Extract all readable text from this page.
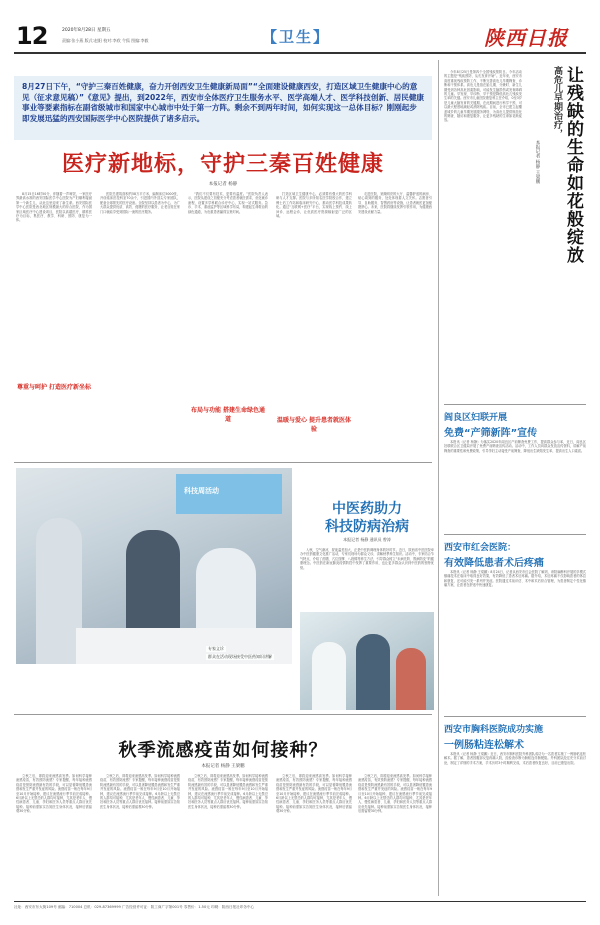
12	2020年8月28日 星期五
责编:张小燕 版式:赵阳 校对:李欣 令狐 图编:李毅	【卫生】	陕西日报
8月27日下午，“守护三秦百姓健康，奋力开创西安卫生健康新局面”“全面建设健康西安，打造区域卫生健康中心的意见（征求意见稿）”《意见》提出，到2022年，西安市全体医疗卫生服务水平、医学高端人才、医学科技创新、居民健康事业等要素指标在副省级城市和国家中心城市中处于第一方阵。剩余不到两年时间，如何实现这一总体目标？刚刚起步即发展迅猛的西安国际医学中心医院提供了诸多启示。
医疗新地标，守护三秦百姓健康
本报记者 杨静

8月15日16时50分，伴随着一声啼哭，一家医疗界最高水准的西安国际医学中心医院为产妇顺利接诞第一个新生儿，从此这里迎来了新生命。西安国际医学中心医院是西北地区规模最大的综合医院，作为国家区域医疗中心建设项目，医院以高端医疗、精准医疗为目标，集医疗、教学、科研、预防、康复为一体。

尊重与呵护 打造医疗新坐标

医院总建筑面积约58万平方米，编制床位5000张，开设临床医技科室70余个，引进国内外顶尖专家团队，配备全球领先的医疗设备。全院坚持以患者为中心，为广大群众提供优质、高效、便捷的医疗服务，让老百姓在家门口就能享受到国际一流的医疗服务。

“我们不仅要有技术，更要有温度。”医院负责人表示，医院从建设之初便充分考虑患者就医需求，优化就诊流程，设置多学科联合诊疗中心，实现一站式服务。急诊、手术、重症监护等区域科学布局，构建起生命救治的绿色通道，为危重患者赢得宝贵时间。

布局与功能 搭建生命绿色通道

打造区域卫生健康中心，必须要有强大的医学科研与人才支撑。医院与多所知名医学院校合作，建立博士后工作站和临床研究中心，推动医学科技成果转化。通过“互联网+医疗”平台，实现线上预约、线上问诊、远程会诊，让优质医疗资源辐射更广泛的区域。

温暖与爱心 提升患者就医体验

走进医院，宽敞明亮的大厅、温馨舒适的病房、贴心周到的服务，处处体现着人文关怀。志愿者引导、自助服务、智慧药房等设施，让患者就医更加便捷舒心。未来，医院将继续发挥引领作用，为健康西安建设贡献力量。

科技周活动
专家义诊
群众在活动现场接受中医药知识讲解
中医药助力
科技防病治病
本报记者 杨静 通讯员 曾涛

入秋，空气渐凉，昼夜温差加大，正是中医药调理身体的好时节。近日，陕西省中医医院举办中医药健康文化推广活动，专家们现场为群众义诊，讲解秋季养生知识。活动中，专家结合节气特点，介绍了药膳、穴位按摩、八段锦等养生方法，引导群众树立“未病先防、既病防变”的健康理念。中医药在新冠肺炎疫情防控中发挥了重要作用，也让更多群众认识到中医药的独特优势。

秋季流感疫苗如何接种？
本报记者 杨静 王梁鹏

立秋之后，即将迎来流感高发季。如何科学接种流感疫苗，有效预防流感？专家提醒，每年接种流感疫苗是预防流感最有效的手段，可以显著降低罹患流感和发生严重并发症的风险。流感疫苗一般在每年9月至10月开始接种，建议在流感流行季节前完成接种。6月龄以上无禁忌的人群均可接种，尤其是老年人、慢性病患者、儿童、孕妇和医务人员等重点人群应优先接种。接种前需如实告知医生身体状况，接种后需留观30分钟。

立秋之后，即将迎来流感高发季。如何科学接种流感疫苗，有效预防流感？专家提醒，每年接种流感疫苗是预防流感最有效的手段，可以显著降低罹患流感和发生严重并发症的风险。流感疫苗一般在每年9月至10月开始接种，建议在流感流行季节前完成接种。6月龄以上无禁忌的人群均可接种，尤其是老年人、慢性病患者、儿童、孕妇和医务人员等重点人群应优先接种。接种前需如实告知医生身体状况，接种后需留观30分钟。

立秋之后，即将迎来流感高发季。如何科学接种流感疫苗，有效预防流感？专家提醒，每年接种流感疫苗是预防流感最有效的手段，可以显著降低罹患流感和发生严重并发症的风险。流感疫苗一般在每年9月至10月开始接种，建议在流感流行季节前完成接种。6月龄以上无禁忌的人群均可接种，尤其是老年人、慢性病患者、儿童、孕妇和医务人员等重点人群应优先接种。接种前需如实告知医生身体状况，接种后需留观30分钟。

立秋之后，即将迎来流感高发季。如何科学接种流感疫苗，有效预防流感？专家提醒，每年接种流感疫苗是预防流感最有效的手段，可以显著降低罹患流感和发生严重并发症的风险。流感疫苗一般在每年9月至10月开始接种，建议在流感流行季节前完成接种。6月龄以上无禁忌的人群均可接种，尤其是老年人、慢性病患者、儿童、孕妇和医务人员等重点人群应优先接种。接种前需如实告知医生身体状况，接种后需留观30分钟。

立秋之后，即将迎来流感高发季。如何科学接种流感疫苗，有效预防流感？专家提醒，每年接种流感疫苗是预防流感最有效的手段，可以显著降低罹患流感和发生严重并发症的风险。流感疫苗一般在每年9月至10月开始接种，建议在流感流行季节前完成接种。6月龄以上无禁忌的人群均可接种，尤其是老年人、慢性病患者、儿童、孕妇和医务人员等重点人群应优先接种。接种前需如实告知医生身体状况，接种后需留观30分钟。

今年8月25日是第四个全国残疾预防日。今年活动的主题是“残疾预防，从孔发育开始”。近年来，西安市高度重视残疾预防工作，不断完善高危儿早期筛查、诊断和干预体系。高危儿是指在胎儿期、分娩时、新生儿期受到各种高危因素影响，可能发生脑损伤或发育障碍的儿童。早发现、早诊断、早干预是降低高危儿残疾发生率的关键。西安市儿童医院康复科主任介绍，0至3岁是儿童大脑发育的关键期，在此期间进行科学干预，可以最大程度地减轻或消除残疾。目前，全市已建立起覆盖城乡的儿童早期发展服务网络，为高危儿提供规范化的筛查、随访和康复服务，让更多残缺的生命如花般绽放。	高危儿早期治疗， 让残缺的生命如花般绽放
本报记者 杨静 王梁鹏
阎良区妇联开展
免费“产筛新阵”宣传

本报讯（记者 杨静）为落实2020年阎良区产前筛查免费工作，提高群众参与率，近日，阎良区妇联联合区卫健局开展了免费产前筛查宣传活动。活动中，工作人员向群众发放宣传资料，讲解产前筛查的重要性和免费政策，引导孕妇主动接受产前筛查，降低出生缺陷发生率，提高出生人口素质。

西安市红会医院：
有效降低患者术后疼痛

本报讯（记者 杨静 王梁鹏）8月24日，记者从西安市红会医院了解到，该院麻醉科开展的多模式镇痛技术在临床中取得良好效果，有效降低了患者术后疼痛。据介绍，术后疼痛不仅影响患者的休息和康复，还可能引发一系列并发症。医院通过术前评估、术中和术后综合管理，为患者制定个性化镇痛方案，让患者在舒适中快速康复。

西安市胸科医院成功实施
一例肠粘连松解术

本报讯（记者 杨静 王梁鹏）近日，西安市胸科医院外科团队成功为一名患者实施了一例肠粘连松解术。据了解，患者因腹部反复疼痛入院，经检查诊断为肠粘连伴肠梗阻。外科团队经过充分术前讨论，制定了详细的手术方案，手术历时3小时顺利完成，术后患者恢复良好，目前已康复出院。

社址：西安市东大街109号 邮编：710004 总机：029-87369999 广告经营许可证：陕工商广字第001号 零售价：1.50元 印刷：陕西日报社印务中心
